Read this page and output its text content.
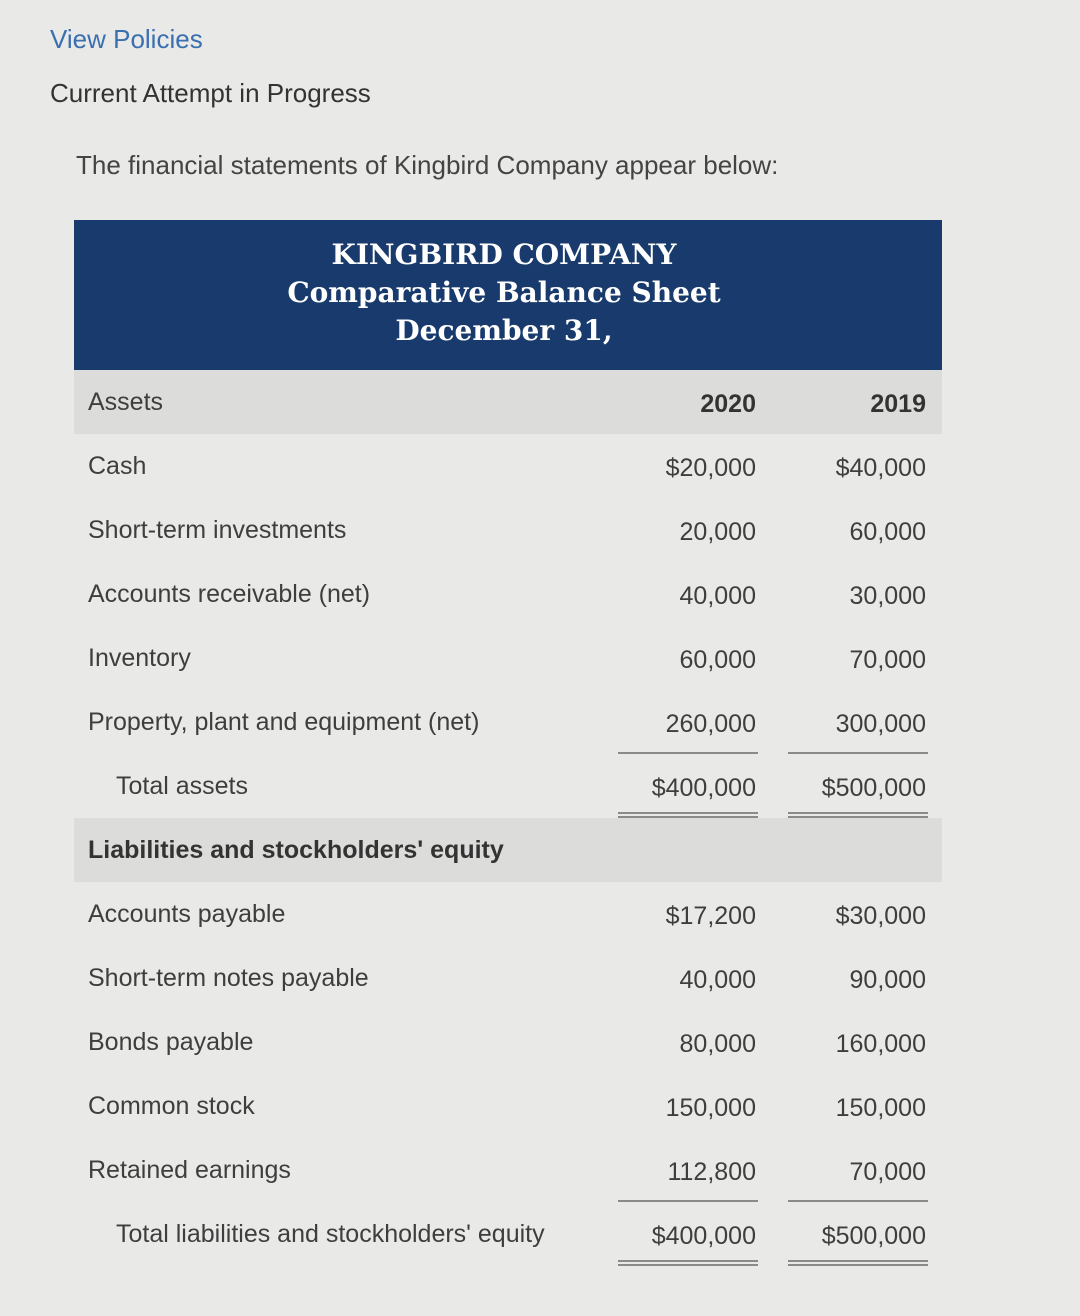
View Policies
Current Attempt in Progress
The financial statements of Kingbird Company appear below:
KINGBIRD COMPANY
Comparative Balance Sheet
December 31,
Assets	2020	2019
Cash	$20,000	$40,000
Short-term investments	20,000	60,000
Accounts receivable (net)	40,000	30,000
Inventory	60,000	70,000
Property, plant and equipment (net)	260,000	300,000
Total assets	$400,000	$500,000
Liabilities and stockholders' equity
Accounts payable	$17,200	$30,000
Short-term notes payable	40,000	90,000
Bonds payable	80,000	160,000
Common stock	150,000	150,000
Retained earnings	112,800	70,000
Total liabilities and stockholders' equity	$400,000	$500,000
